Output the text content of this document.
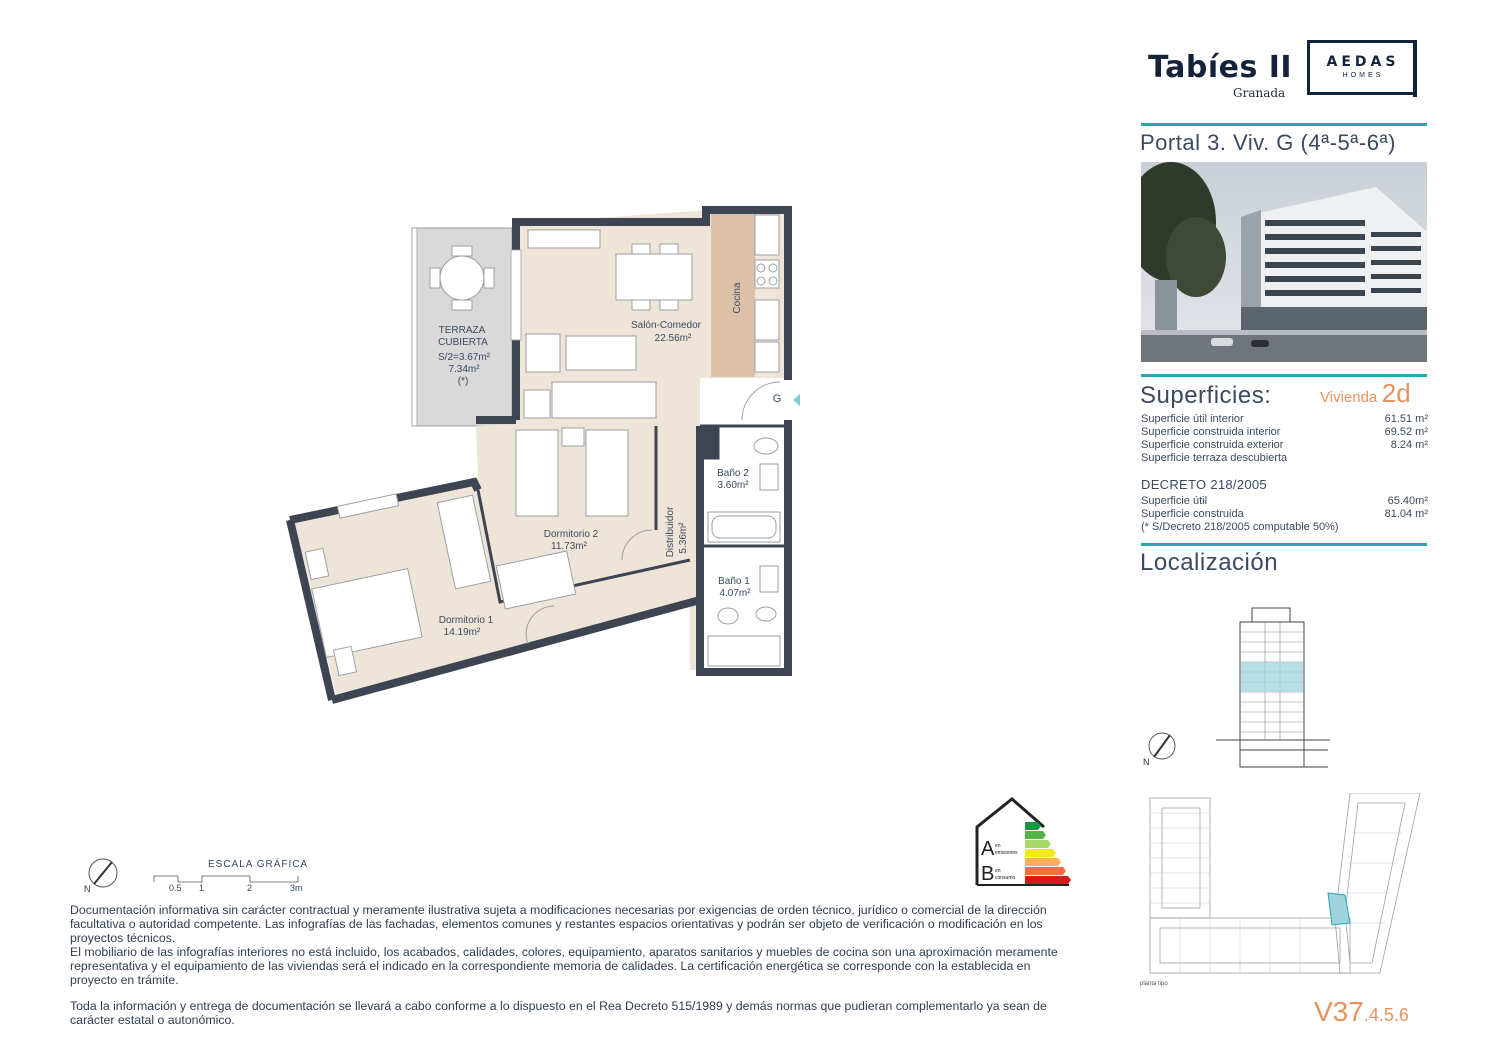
Tabíes II
Granada
AEDAS
HOMES
Portal 3. Viv. G (4ª-5ª-6ª)
Superficies:	Vivienda 2d
Superficie útil interior	61.51 m²
Superficie construida interior	69.52 m²
Superficie construida exterior	8.24 m²
Superficie terraza descubierta
DECRETO 218/2005
Superficie útil	65.40m²
Superficie construida	81.04 m²
(* S/Decreto 218/2005 computable 50%)
Localización
N
planta tipo
V37.4.5.6
Salón-Comedor
22.56m²
Cocina
TERRAZA
CUBIERTA
S/2=3.67m²
7.34m²
(*)
Baño 2
3.60m²
Baño 1
4.07m²
Distribuidor 5.36m²
Dormitorio 2
11.73m²
Dormitorio 1
14.19m²
G
A en
emisiones
B en
consumo
N
ESCALA GRÁFICA
0.5 1	2	3m
Documentación informativa sin carácter contractual y meramente ilustrativa sujeta a modificaciones necesarias por exigencias de orden técnico, jurídico o comercial de la dirección facultativa o autoridad competente. Las infografías de las fachadas, elementos comunes y restantes espacios orientativas y podrán ser objeto de verificación o modificación en los proyectos técnicos.
El mobiliario de las infografías interiores no está incluido, los acabados, calidades, colores, equipamiento, aparatos sanitarios y muebles de cocina son una aproximación meramente representativa y el equipamiento de las viviendas será el indicado en la correspondiente memoria de calidades. La certificación energética se corresponde con la establecida en proyecto en trámite.
Toda la información y entrega de documentación se llevará a cabo conforme a lo dispuesto en el Rea Decreto 515/1989 y demás normas que pudieran complementarlo ya sean de carácter estatal o autonómico.
